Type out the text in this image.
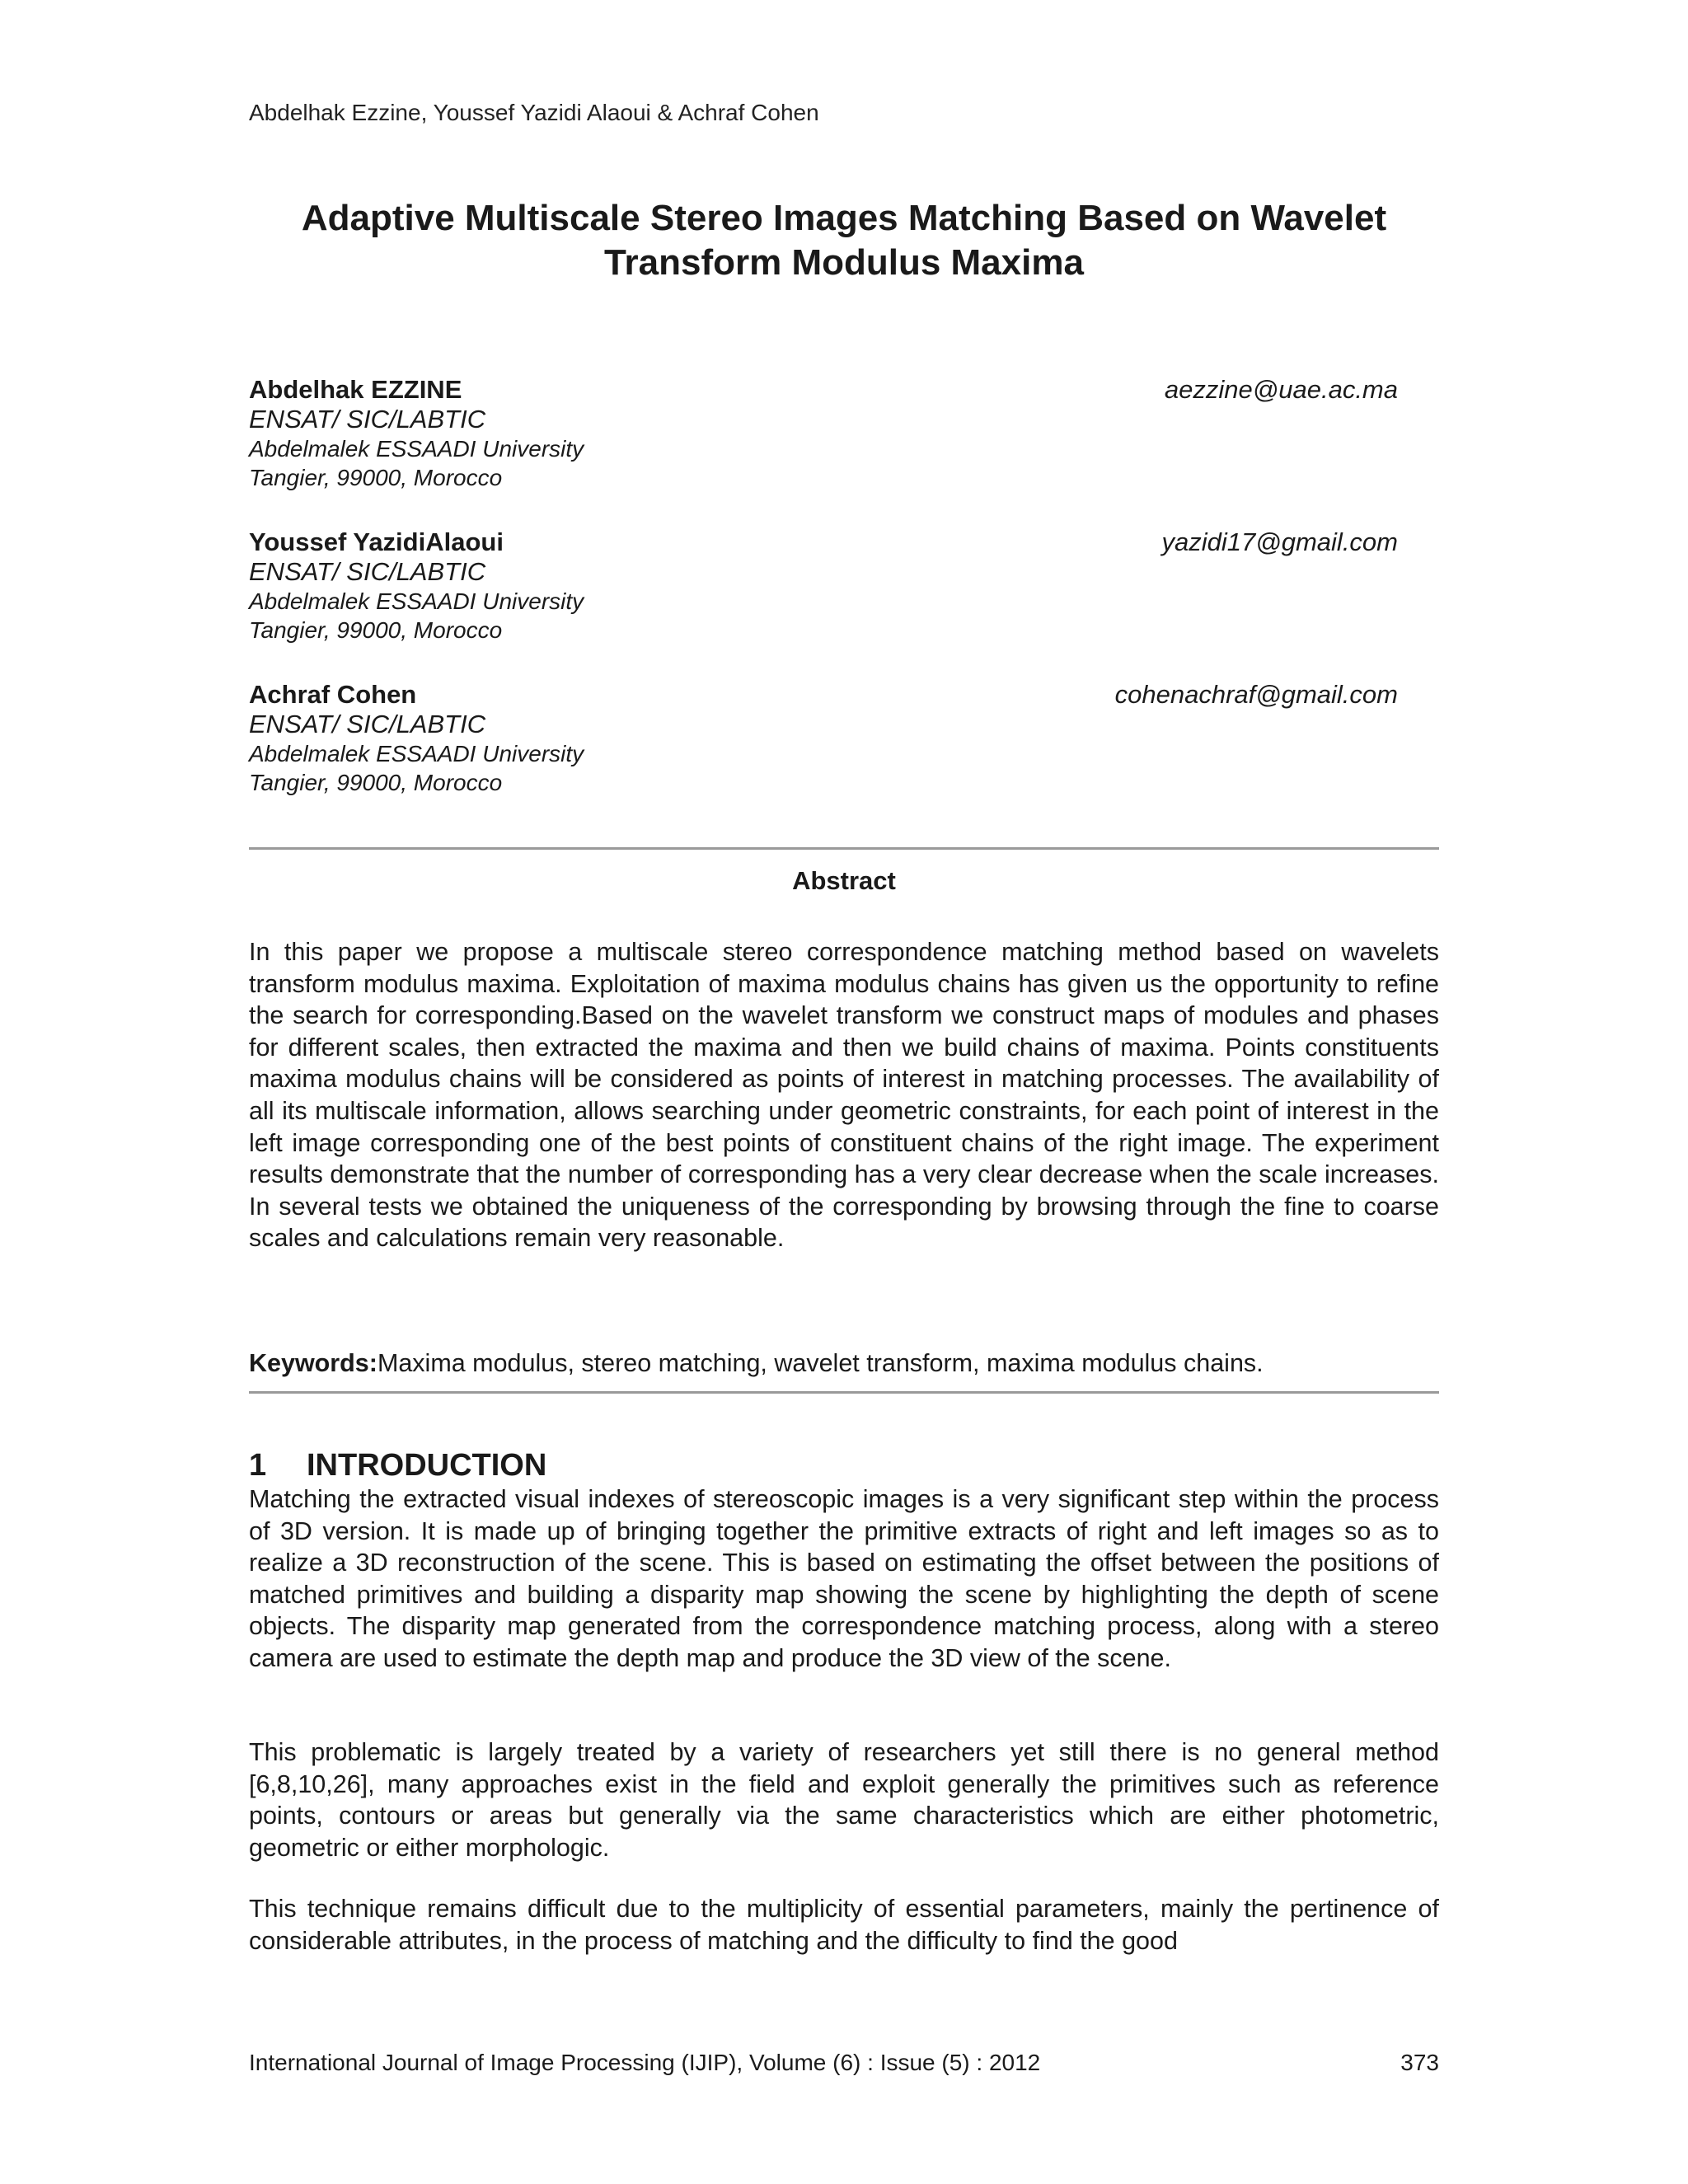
Abdelhak Ezzine, Youssef Yazidi Alaoui & Achraf Cohen
Adaptive Multiscale Stereo Images Matching Based on Wavelet
Transform Modulus Maxima
Abdelhak EZZINE
ENSAT/ SIC/LABTIC
Abdelmalek ESSAADI University
Tangier, 99000, Morocco
aezzine@uae.ac.ma
Youssef YazidiAlaoui
ENSAT/ SIC/LABTIC
Abdelmalek ESSAADI University
Tangier, 99000, Morocco
yazidi17@gmail.com
Achraf Cohen
ENSAT/ SIC/LABTIC
Abdelmalek ESSAADI University
Tangier, 99000, Morocco
cohenachraf@gmail.com
Abstract
In this paper we propose a multiscale stereo correspondence matching method based on wavelets transform modulus maxima. Exploitation of maxima modulus chains has given us the opportunity to refine the search for corresponding.Based on the wavelet transform we construct maps of modules and phases for different scales, then extracted the maxima and then we build chains of maxima. Points constituents maxima modulus chains will be considered as points of interest in matching processes. The availability of all its multiscale information, allows searching under geometric constraints, for each point of interest in the left image corresponding one of the best points of constituent chains of the right image. The experiment results demonstrate that the number of corresponding has a very clear decrease when the scale increases. In several tests we obtained the uniqueness of the corresponding by browsing through the fine to coarse scales and calculations remain very reasonable.
Keywords:Maxima modulus, stereo matching, wavelet transform, maxima modulus chains.
1 INTRODUCTION
Matching the extracted visual indexes of stereoscopic images is a very significant step within the process of 3D version. It is made up of bringing together the primitive extracts of right and left images so as to realize a 3D reconstruction of the scene. This is based on estimating the offset between the positions of matched primitives and building a disparity map showing the scene by highlighting the depth of scene objects. The disparity map generated from the correspondence matching process, along with a stereo camera are used to estimate the depth map and produce the 3D view of the scene.
This problematic is largely treated by a variety of researchers yet still there is no general method [6,8,10,26], many approaches exist in the field and exploit generally the primitives such as reference points, contours or areas but generally via the same characteristics which are either photometric, geometric or either morphologic.
This technique remains difficult due to the multiplicity of essential parameters, mainly the pertinence of considerable attributes, in the process of matching and the difficulty to find the good
International Journal of Image Processing (IJIP), Volume (6) : Issue (5) : 2012	373
